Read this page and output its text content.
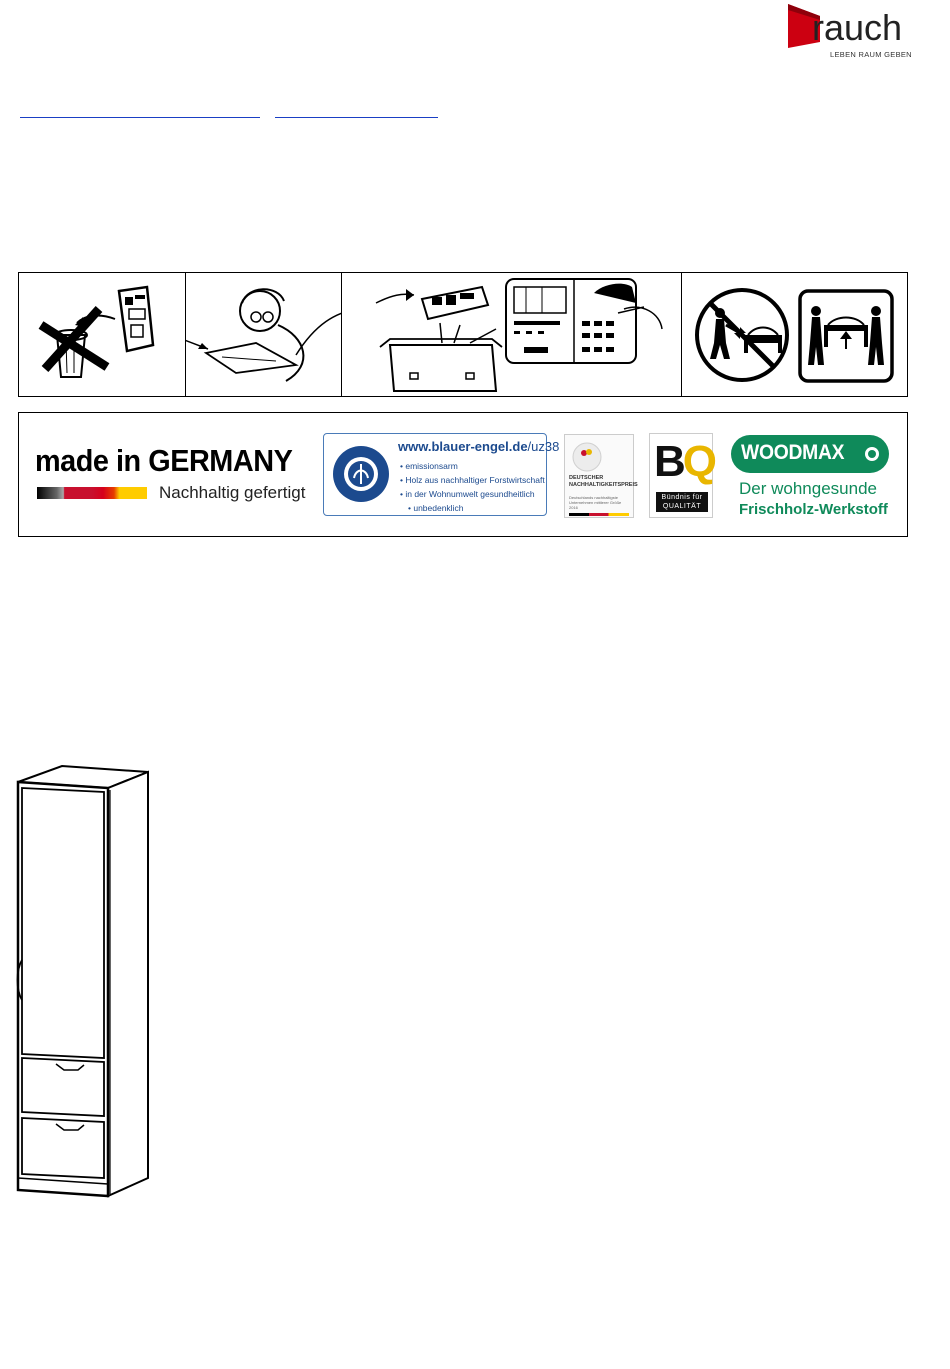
rauch
LEBEN RAUM GEBEN
made in GERMANY
Nachhaltig gefertigt
www.blauer-engel.de/uz38
• emissionsarm
• Holz aus nachhaltiger Forstwirtschaft
• in der Wohnumwelt gesundheitlich
• unbedenklich
DEUTSCHER NACHHALTIGKEITSPREIS
Deutschlands nachhaltigste Unternehmen mittlerer Größe 2016
BQ
Bündnis für QUALITÄT
WOODMAX
Der wohngesunde
Frischholz-Werkstoff
